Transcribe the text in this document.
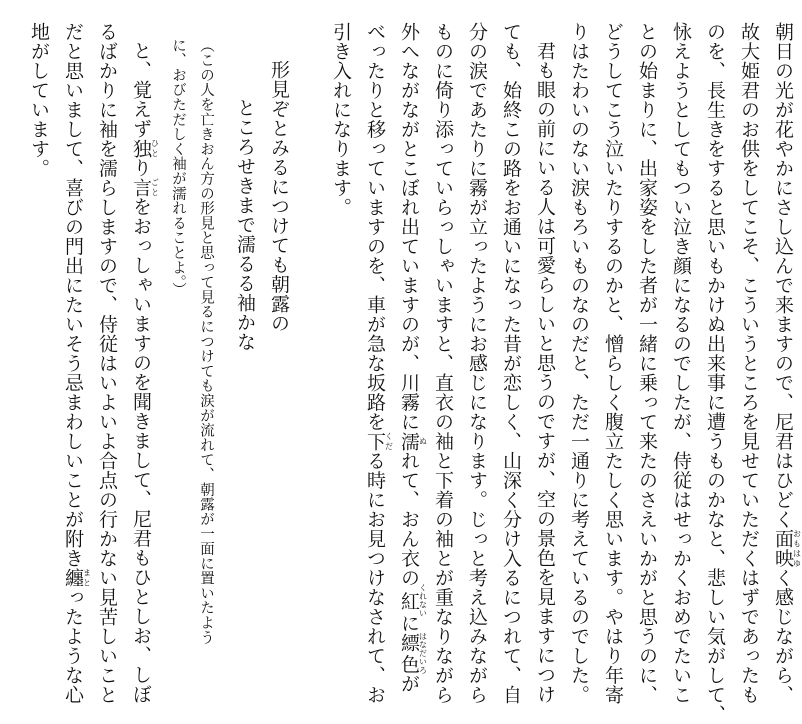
朝日の光が花やかにさし込んで来ますので、尼君はひどく面映おもはゆく感じながら、
故大姫君のお供をしてこそ、こういうところを見せていただくはずであったも
のを、長生きをすると思いもかけぬ出来事に遭うものかなと、悲しい気がして、
怺えようとしてもつい泣き顔になるのでしたが、侍従はせっかくおめでたいこ
との始まりに、出家姿をした者が一緒に乗って来たのさえいかがと思うのに、
どうしてこう泣いたりするのかと、憎らしく腹立たしく思います。やはり年寄
りはたわいのない涙もろいものなのだと、ただ一通りに考えているのでした。
君も眼の前にいる人は可愛らしいと思うのですが、空の景色を見ますにつけ
ても、始終この路をお通いになった昔が恋しく、山深く分け入るにつれて、自
分の涙であたりに霧が立ったようにお感じになります。じっと考え込みながら
ものに倚り添っていらっしゃいますと、直衣の袖と下着の袖とが重なりながら
外へながながとこぼれ出ていますのが、川霧に濡ぬれて、おん衣の紅くれないに縹色はなだいろが
べったりと移っていますのを、車が急な坂路を下くだる時にお見つけなされて、お
引き入れになります。
形見ぞとみるにつけても朝露の
ところせきまで濡るる袖かな
（この人を亡きおん方の形見と思って見るにつけても涙が流れて、朝露が一面に置いたよう
に、おびただしく袖が濡れることよ。）
と、覚えず独ひとり言ごとをおっしゃいますのを聞きまして、尼君もひとしお、しぼ
るばかりに袖を濡らしますので、侍従はいよいよ合点の行かない見苦しいこと
だと思いまして、喜びの門出にたいそう忌まわしいことが附き纏まとったような心
地がしています。
